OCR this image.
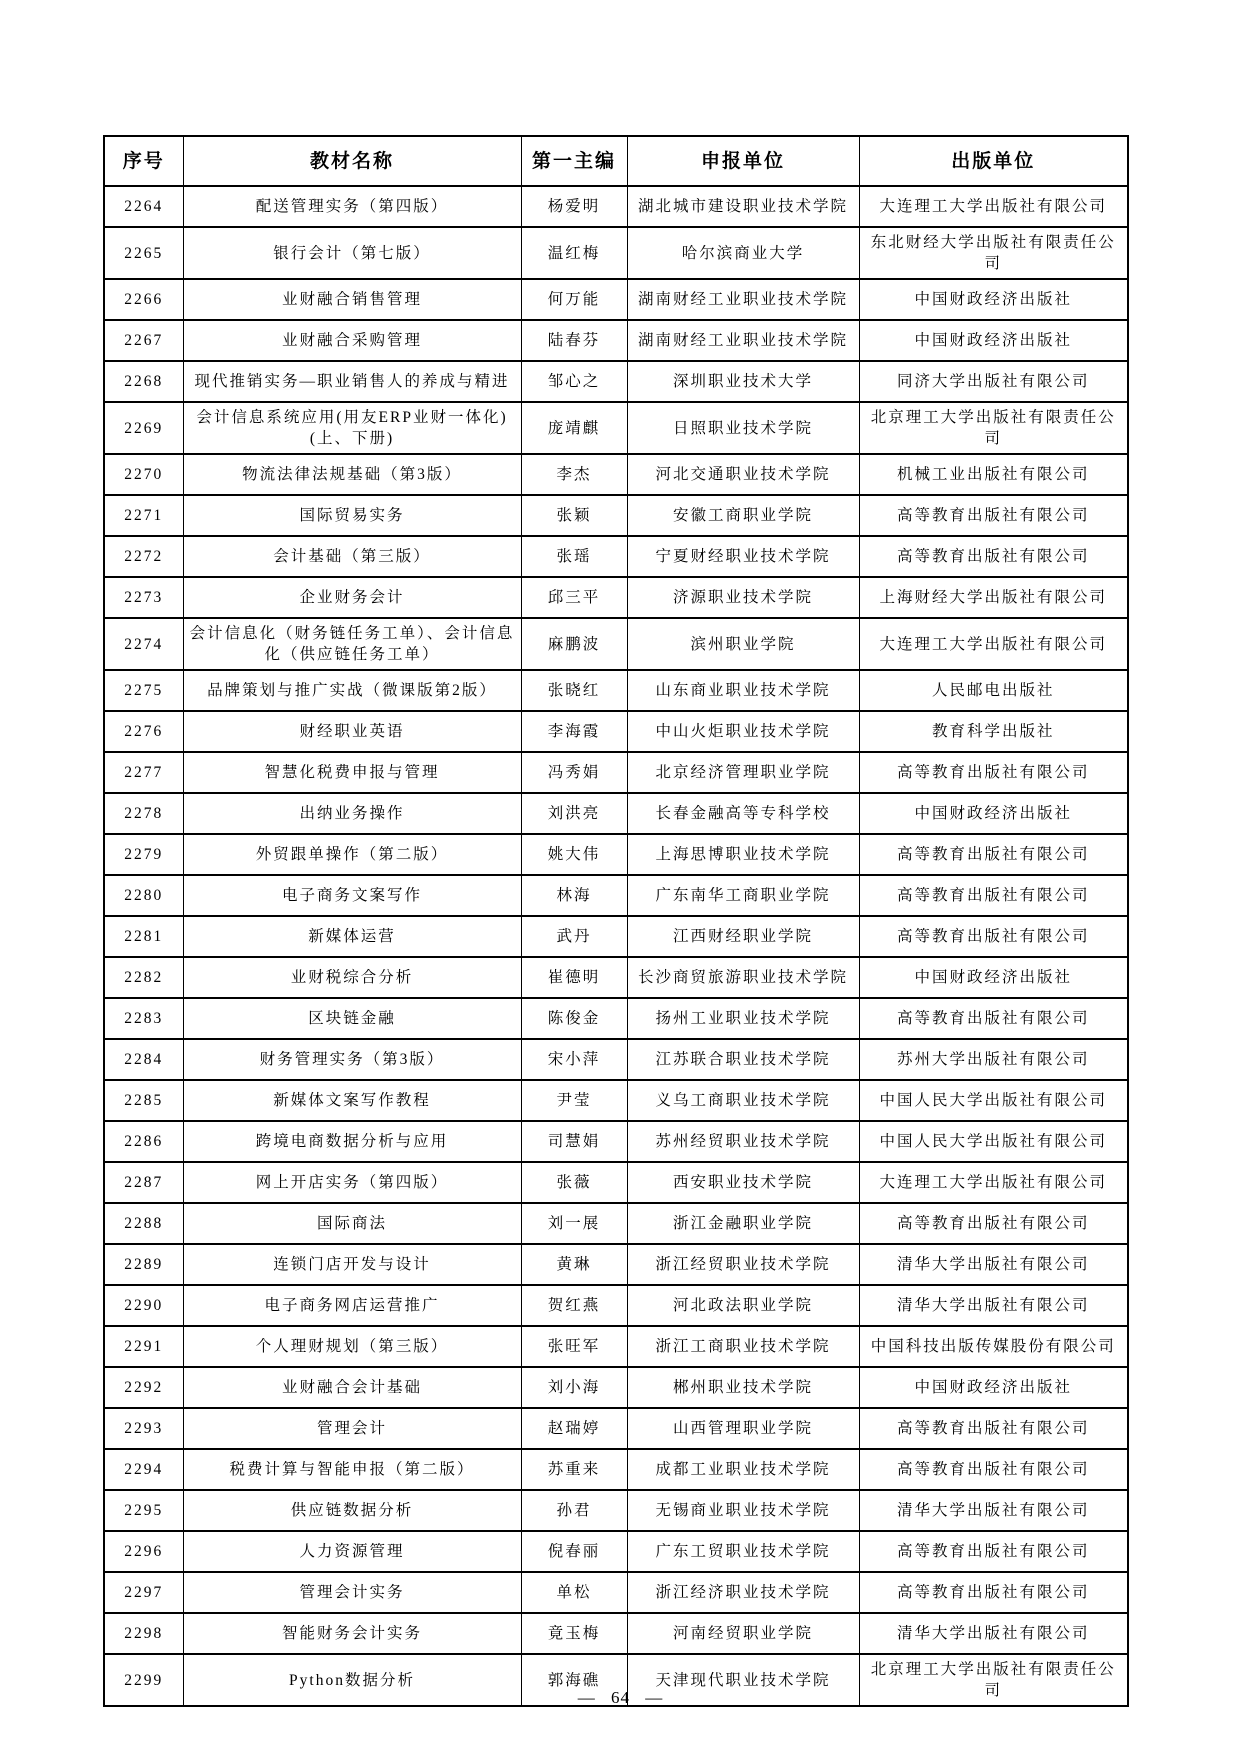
序号	教材名称	第一主编	申报单位	出版单位
2264	配送管理实务（第四版）	杨爱明	湖北城市建设职业技术学院	大连理工大学出版社有限公司
2265	银行会计（第七版）	温红梅	哈尔滨商业大学	东北财经大学出版社有限责任公司
2266	业财融合销售管理	何万能	湖南财经工业职业技术学院	中国财政经济出版社
2267	业财融合采购管理	陆春芬	湖南财经工业职业技术学院	中国财政经济出版社
2268	现代推销实务—职业销售人的养成与精进	邹心之	深圳职业技术大学	同济大学出版社有限公司
2269	会计信息系统应用(用友ERP业财一体化)(上、下册)	庞靖麒	日照职业技术学院	北京理工大学出版社有限责任公司
2270	物流法律法规基础（第3版）	李杰	河北交通职业技术学院	机械工业出版社有限公司
2271	国际贸易实务	张颖	安徽工商职业学院	高等教育出版社有限公司
2272	会计基础（第三版）	张瑶	宁夏财经职业技术学院	高等教育出版社有限公司
2273	企业财务会计	邱三平	济源职业技术学院	上海财经大学出版社有限公司
2274	会计信息化（财务链任务工单）、会计信息化（供应链任务工单）	麻鹏波	滨州职业学院	大连理工大学出版社有限公司
2275	品牌策划与推广实战（微课版第2版）	张晓红	山东商业职业技术学院	人民邮电出版社
2276	财经职业英语	李海霞	中山火炬职业技术学院	教育科学出版社
2277	智慧化税费申报与管理	冯秀娟	北京经济管理职业学院	高等教育出版社有限公司
2278	出纳业务操作	刘洪亮	长春金融高等专科学校	中国财政经济出版社
2279	外贸跟单操作（第二版）	姚大伟	上海思博职业技术学院	高等教育出版社有限公司
2280	电子商务文案写作	林海	广东南华工商职业学院	高等教育出版社有限公司
2281	新媒体运营	武丹	江西财经职业学院	高等教育出版社有限公司
2282	业财税综合分析	崔德明	长沙商贸旅游职业技术学院	中国财政经济出版社
2283	区块链金融	陈俊金	扬州工业职业技术学院	高等教育出版社有限公司
2284	财务管理实务（第3版）	宋小萍	江苏联合职业技术学院	苏州大学出版社有限公司
2285	新媒体文案写作教程	尹莹	义乌工商职业技术学院	中国人民大学出版社有限公司
2286	跨境电商数据分析与应用	司慧娟	苏州经贸职业技术学院	中国人民大学出版社有限公司
2287	网上开店实务（第四版）	张薇	西安职业技术学院	大连理工大学出版社有限公司
2288	国际商法	刘一展	浙江金融职业学院	高等教育出版社有限公司
2289	连锁门店开发与设计	黄琳	浙江经贸职业技术学院	清华大学出版社有限公司
2290	电子商务网店运营推广	贺红燕	河北政法职业学院	清华大学出版社有限公司
2291	个人理财规划（第三版）	张旺军	浙江工商职业技术学院	中国科技出版传媒股份有限公司
2292	业财融合会计基础	刘小海	郴州职业技术学院	中国财政经济出版社
2293	管理会计	赵瑞婷	山西管理职业学院	高等教育出版社有限公司
2294	税费计算与智能申报（第二版）	苏重来	成都工业职业技术学院	高等教育出版社有限公司
2295	供应链数据分析	孙君	无锡商业职业技术学院	清华大学出版社有限公司
2296	人力资源管理	倪春丽	广东工贸职业技术学院	高等教育出版社有限公司
2297	管理会计实务	单松	浙江经济职业技术学院	高等教育出版社有限公司
2298	智能财务会计实务	竟玉梅	河南经贸职业学院	清华大学出版社有限公司
2299	Python数据分析	郭海礁	天津现代职业技术学院	北京理工大学出版社有限责任公司
— 64 —
